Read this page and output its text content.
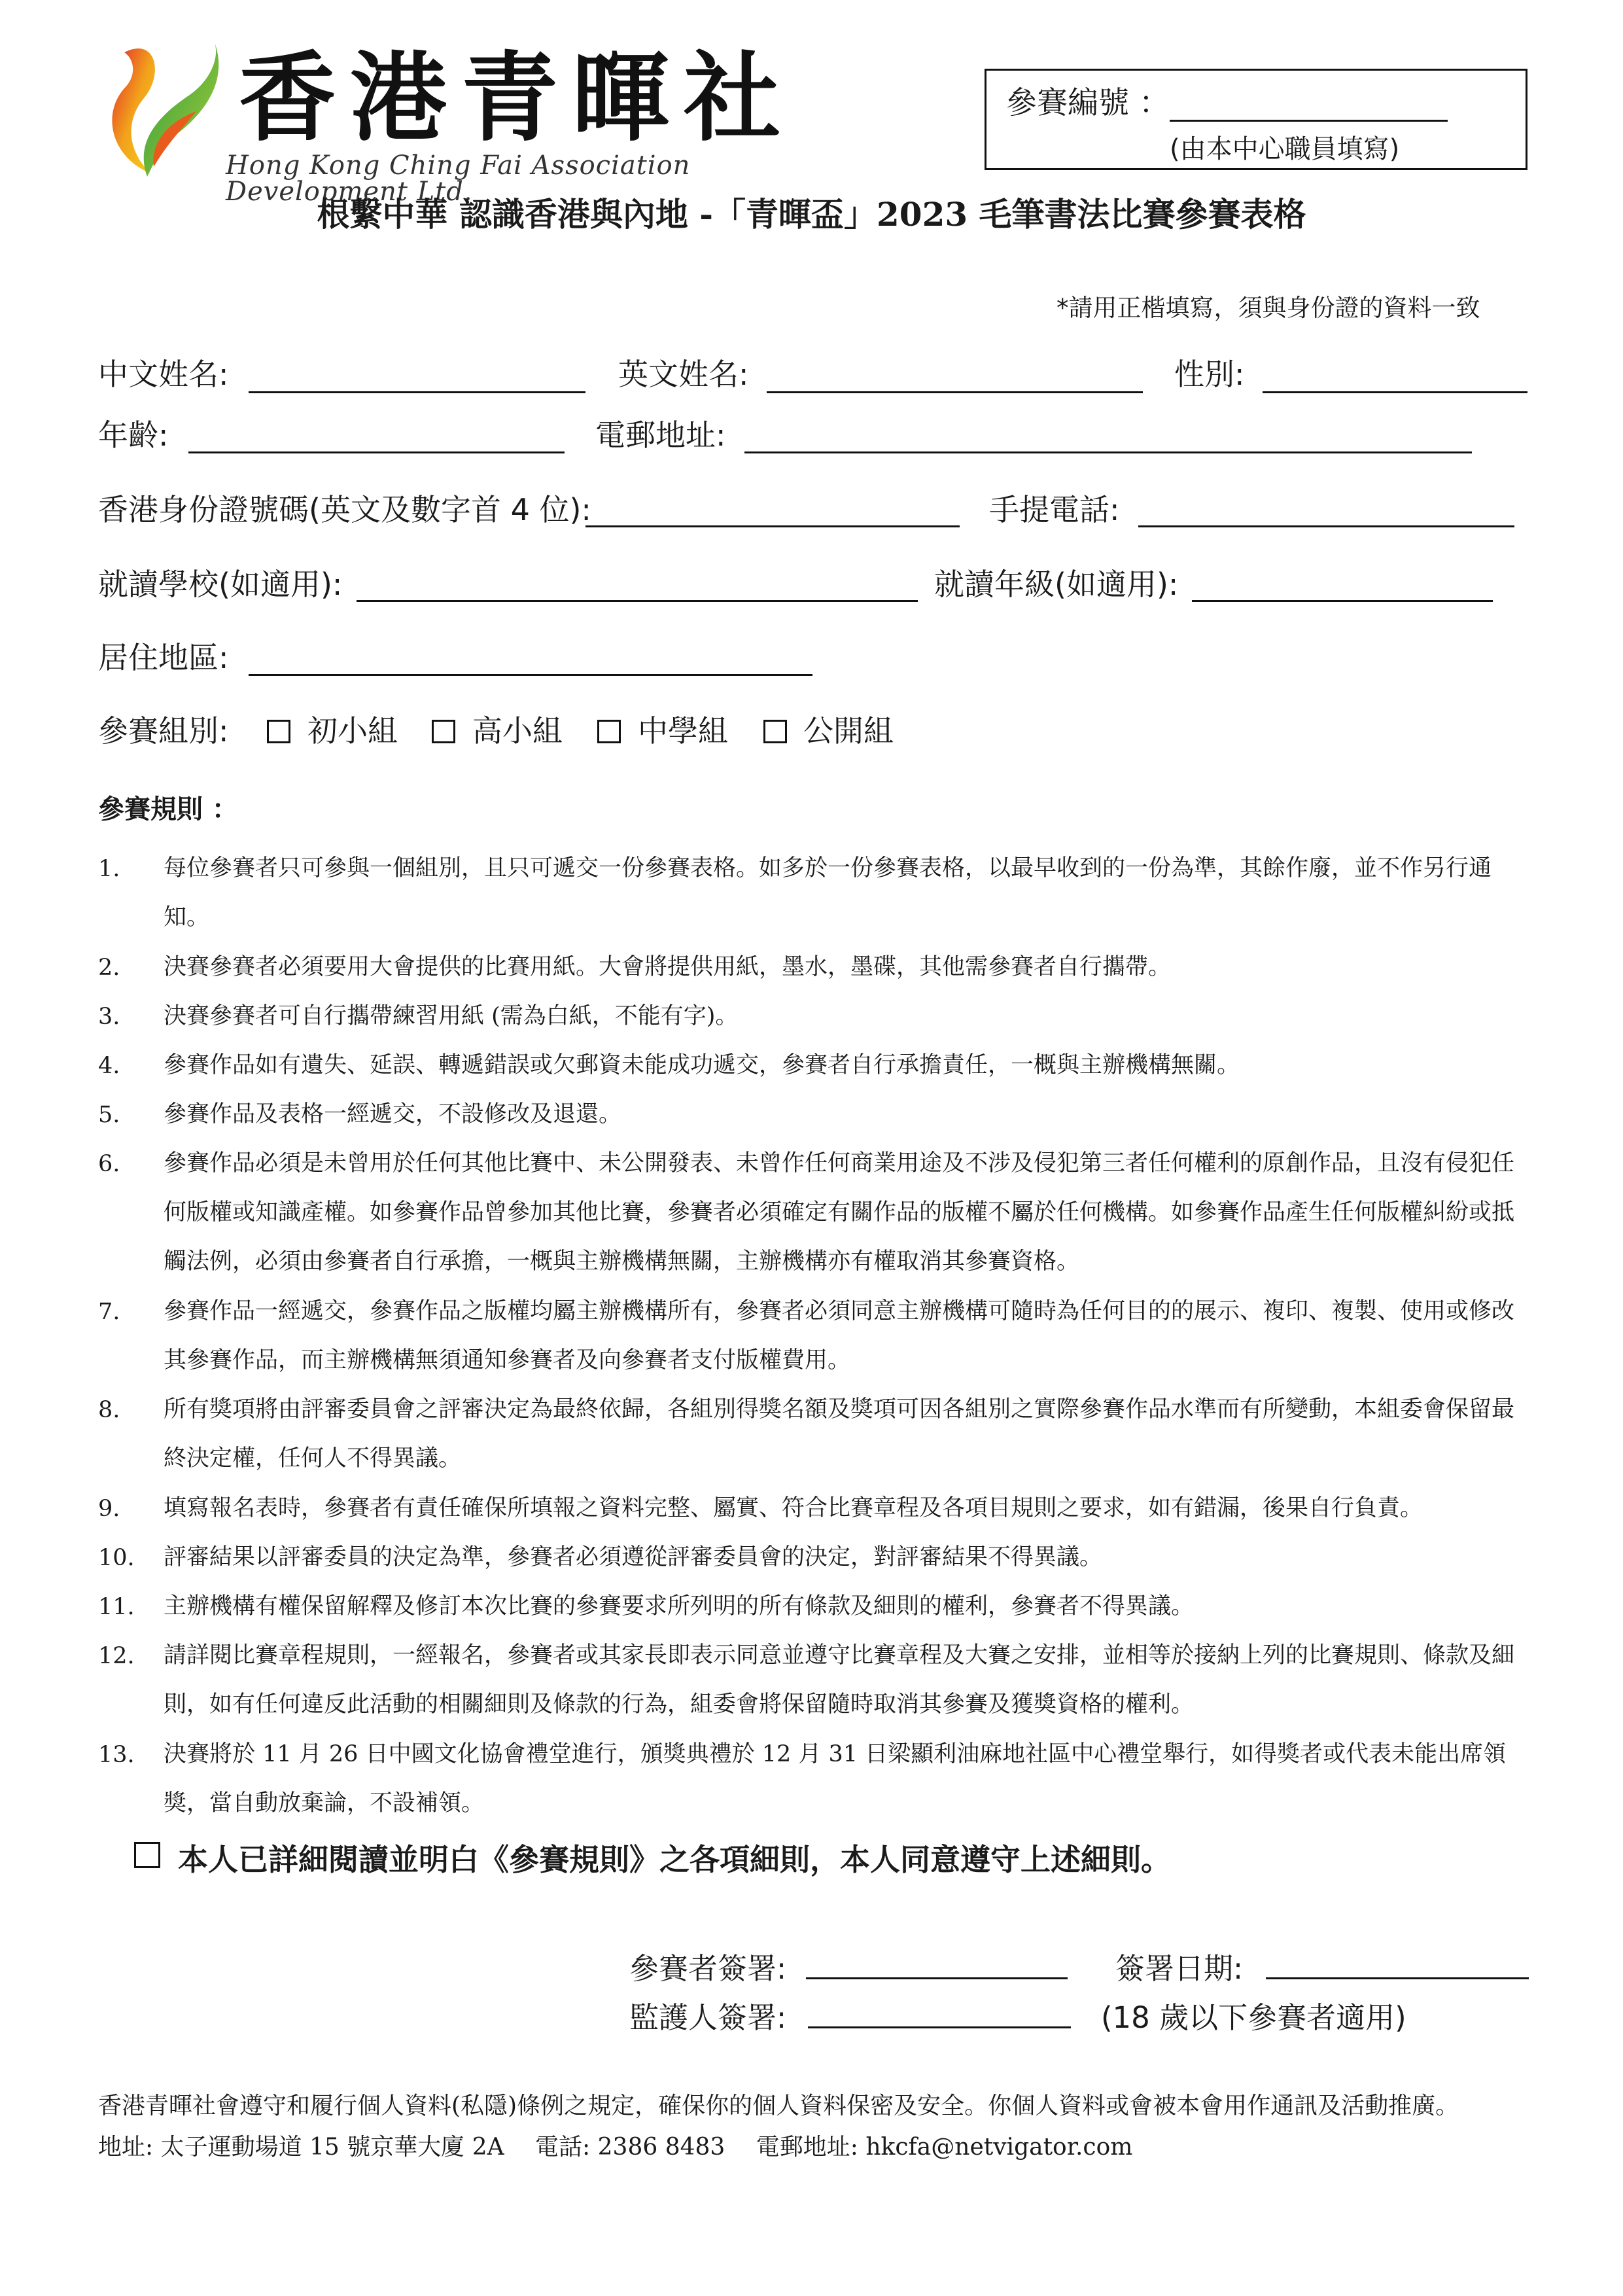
香港青暉社
Hong Kong Ching Fai Association Development Ltd.
參賽編號 ：
(由本中心職員填寫)
根繫中華 認識香港與內地 -「青暉盃」2023 毛筆書法比賽參賽表格
*請用正楷填寫，須與身份證的資料一致
中文姓名:	英文姓名:	性別:
年齡:	電郵地址:
香港身份證號碼(英文及數字首 4 位):	手提電話:
就讀學校(如適用):	就讀年級(如適用):
居住地區:
參賽組別:	初小組 高小組	中學組	公開組
參賽規則 ：
1. 每位參賽者只可參與一個組別，且只可遞交一份參賽表格。如多於一份參賽表格，以最早收到的一份為準，其餘作廢，並不作另行通知。
2. 決賽參賽者必須要用大會提供的比賽用紙。大會將提供用紙，墨水，墨碟，其他需參賽者自行攜帶。
3. 決賽參賽者可自行攜帶練習用紙 (需為白紙，不能有字)。
4. 參賽作品如有遺失、延誤、轉遞錯誤或欠郵資未能成功遞交，參賽者自行承擔責任，一概與主辦機構無關。
5. 參賽作品及表格一經遞交，不設修改及退還。
6. 參賽作品必須是未曾用於任何其他比賽中、未公開發表、未曾作任何商業用途及不涉及侵犯第三者任何權利的原創作品，且沒有侵犯任何版權或知識產權。如參賽作品曾參加其他比賽，參賽者必須確定有關作品的版權不屬於任何機構。如參賽作品產生任何版權糾紛或抵觸法例，必須由參賽者自行承擔，一概與主辦機構無關，主辦機構亦有權取消其參賽資格。
7. 參賽作品一經遞交，參賽作品之版權均屬主辦機構所有，參賽者必須同意主辦機構可隨時為任何目的的展示、複印、複製、使用或修改其參賽作品，而主辦機構無須通知參賽者及向參賽者支付版權費用。
8. 所有獎項將由評審委員會之評審決定為最終依歸，各組別得獎名額及獎項可因各組別之實際參賽作品水準而有所變動，本組委會保留最終決定權，任何人不得異議。
9. 填寫報名表時，參賽者有責任確保所填報之資料完整、屬實、符合比賽章程及各項目規則之要求，如有錯漏，後果自行負責。
10. 評審結果以評審委員的決定為準，參賽者必須遵從評審委員會的決定，對評審結果不得異議。
11. 主辦機構有權保留解釋及修訂本次比賽的參賽要求所列明的所有條款及細則的權利，參賽者不得異議。
12. 請詳閱比賽章程規則，一經報名，參賽者或其家長即表示同意並遵守比賽章程及大賽之安排，並相等於接納上列的比賽規則、條款及細則，如有任何違反此活動的相關細則及條款的行為，組委會將保留隨時取消其參賽及獲獎資格的權利。
13. 決賽將於 11 月 26 日中國文化協會禮堂進行，頒獎典禮於 12 月 31 日梁顯利油麻地社區中心禮堂舉行，如得獎者或代表未能出席領獎，當自動放棄論，不設補領。
本人已詳細閱讀並明白《參賽規則》之各項細則，本人同意遵守上述細則。
參賽者簽署:	簽署日期:
監護人簽署:	(18 歲以下參賽者適用)
香港青暉社會遵守和履行個人資料(私隱)條例之規定，確保你的個人資料保密及安全。你個人資料或會被本會用作通訊及活動推廣。
地址: 太子運動場道 15 號京華大廈 2A　 電話: 2386 8483　 電郵地址: hkcfa@netvigator.com
